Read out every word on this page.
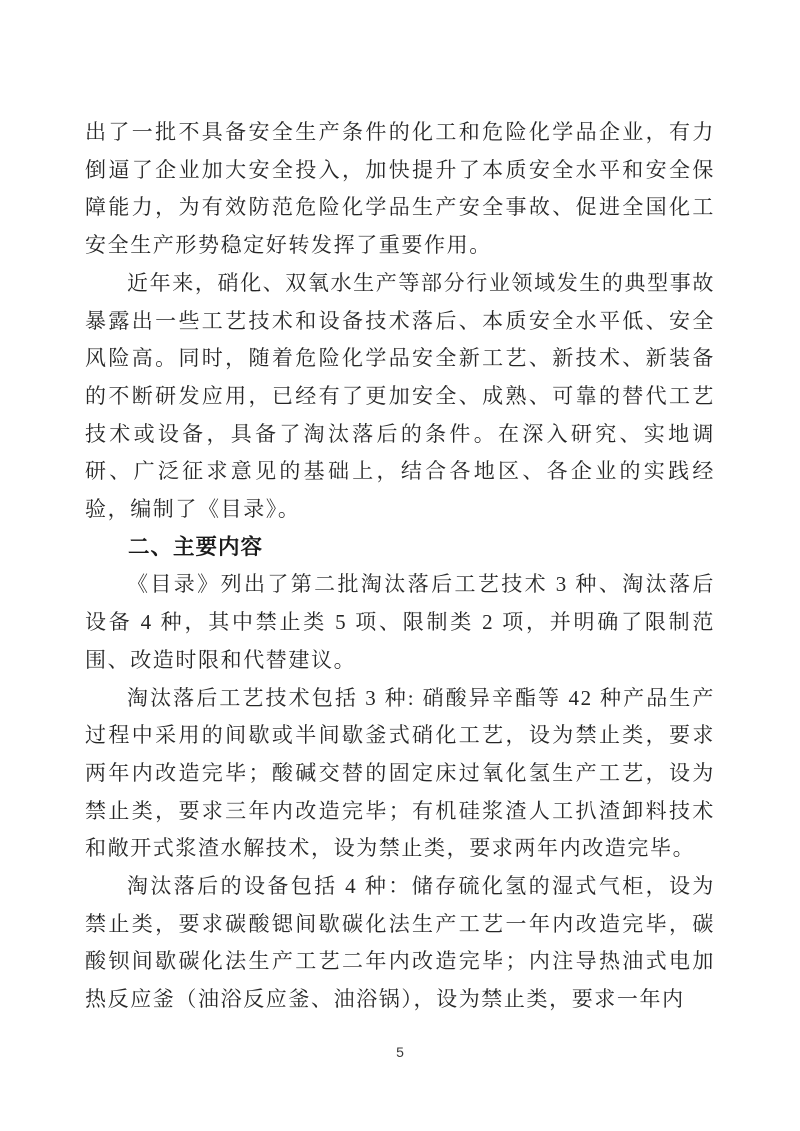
出了一批不具备安全生产条件的化工和危险化学品企业，有力倒逼了企业加大安全投入，加快提升了本质安全水平和安全保障能力，为有效防范危险化学品生产安全事故、促进全国化工安全生产形势稳定好转发挥了重要作用。

近年来，硝化、双氧水生产等部分行业领域发生的典型事故暴露出一些工艺技术和设备技术落后、本质安全水平低、安全风险高。同时，随着危险化学品安全新工艺、新技术、新装备的不断研发应用，已经有了更加安全、成熟、可靠的替代工艺技术或设备，具备了淘汰落后的条件。在深入研究、实地调研、广泛征求意见的基础上，结合各地区、各企业的实践经验，编制了《目录》。

二、主要内容

《目录》列出了第二批淘汰落后工艺技术 3 种、淘汰落后设备 4 种，其中禁止类 5 项、限制类 2 项，并明确了限制范围、改造时限和代替建议。

淘汰落后工艺技术包括 3 种: 硝酸异辛酯等 42 种产品生产过程中采用的间歇或半间歇釜式硝化工艺，设为禁止类，要求两年内改造完毕；酸碱交替的固定床过氧化氢生产工艺，设为禁止类，要求三年内改造完毕；有机硅浆渣人工扒渣卸料技术和敞开式浆渣水解技术，设为禁止类，要求两年内改造完毕。

淘汰落后的设备包括 4 种：储存硫化氢的湿式气柜，设为禁止类，要求碳酸锶间歇碳化法生产工艺一年内改造完毕，碳酸钡间歇碳化法生产工艺二年内改造完毕；内注导热油式电加热反应釜（油浴反应釜、油浴锅），设为禁止类，要求一年内

5
